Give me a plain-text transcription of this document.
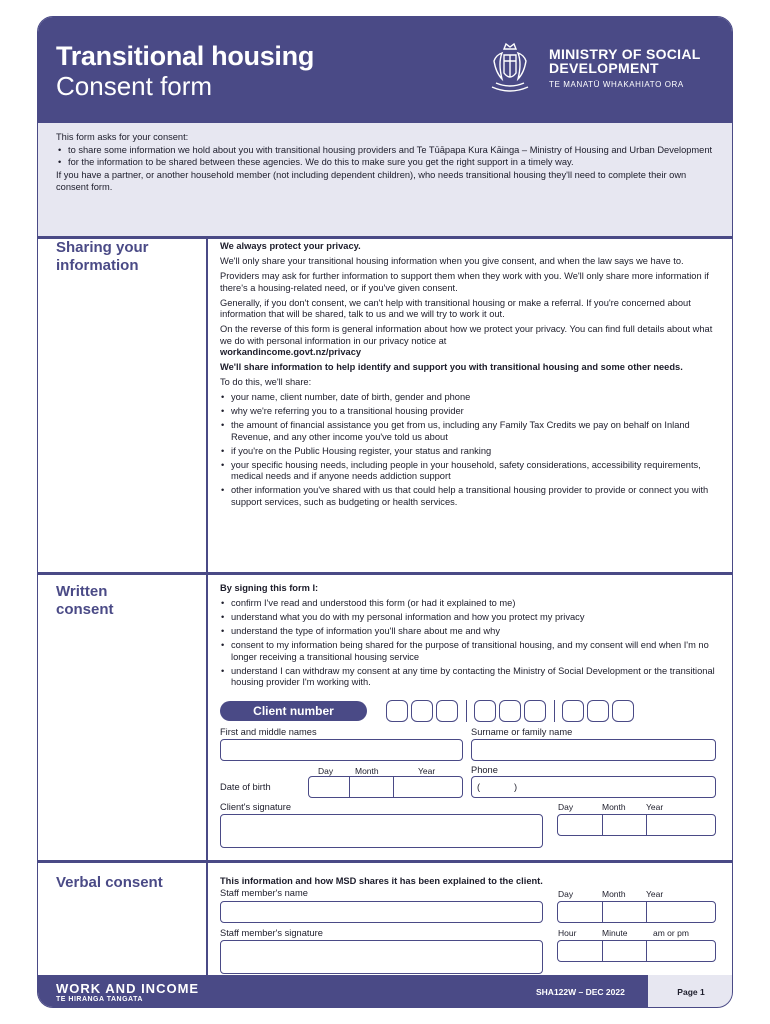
Transitional housing
Consent form
MINISTRY OF SOCIAL
DEVELOPMENT
TE MANATŪ WHAKAHIATO ORA
This form asks for your consent:
• to share some information we hold about you with transitional housing providers and Te Tūāpapa Kura Kāinga – Ministry of Housing and Urban Development
• for the information to be shared between these agencies. We do this to make sure you get the right support in a timely way.
If you have a partner, or another household member (not including dependent children), who needs transitional housing they'll need to complete their own consent form.
Sharing your
information

We always protect your privacy.

We'll only share your transitional housing information when you give consent, and when the law says we have to.

Providers may ask for further information to support them when they work with you. We'll only share more information if there's a housing-related need, or if you've given consent.

Generally, if you don't consent, we can't help with transitional housing or make a referral. If you're concerned about information that will be shared, talk to us and we will try to work it out.

On the reverse of this form is general information about how we protect your privacy. You can find full details about what we do with personal information in our privacy notice at
workandincome.govt.nz/privacy

We'll share information to help identify and support you with transitional housing and some other needs.

To do this, we'll share:

• your name, client number, date of birth, gender and phone
• why we're referring you to a transitional housing provider
• the amount of financial assistance you get from us, including any Family Tax Credits we pay on behalf on Inland Revenue, and any other income you've told us about
• if you're on the Public Housing register, your status and ranking
• your specific housing needs, including people in your household, safety considerations, accessibility requirements, medical needs and if anyone needs addiction support
• other information you've shared with us that could help a transitional housing provider to provide or connect you with support services, such as budgeting or health services.
Written
consent

By signing this form I:

• confirm I've read and understood this form (or had it explained to me)
• understand what you do with my personal information and how you protect my privacy
• understand the type of information you'll share about me and why
• consent to my information being shared for the purpose of transitional housing, and my consent will end when I'm no longer receiving a transitional housing service
• understand I can withdraw my consent at any time by contacting the Ministry of Social Development or the transitional housing provider I'm working with.
Client number
First and middle names	Surname or family name
Day	Month	Year
Date of birth
Phone
(	)
Client's signature	Day	Month Year
Verbal consent	This information and how MSD shares it has been explained to the client.
Staff member's name	Day	Month Year
Staff member's signature	Hour	Minute	am or pm
WORK AND INCOME
TE HIRANGA TANGATA
SHA122W – DEC 2022	Page 1
